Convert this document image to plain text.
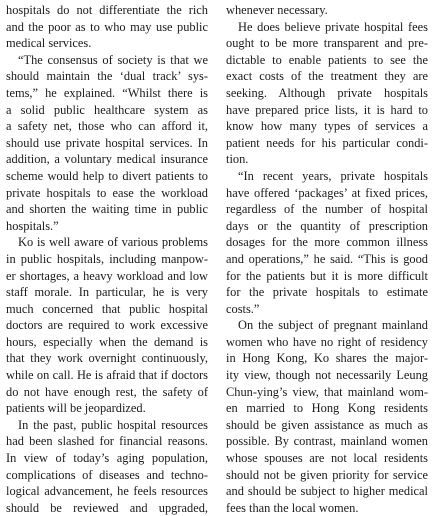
hospitals do not differentiate the rich
and the poor as to who may use public
medical services.
“The consensus of society is that we
should maintain the ‘dual track’ sys-
tems,” he explained. “Whilst there is
a solid public healthcare system as
a safety net, those who can afford it,
should use private hospital services. In
addition, a voluntary medical insurance
scheme would help to divert patients to
private hospitals to ease the workload
and shorten the waiting time in public
hospitals.”
Ko is well aware of various problems
in public hospitals, including manpow-
er shortages, a heavy workload and low
staff morale. In particular, he is very
much concerned that public hospital
doctors are required to work excessive
hours, especially when the demand is
that they work overnight continuously,
while on call. He is afraid that if doctors
do not have enough rest, the safety of
patients will be jeopardized.
In the past, public hospital resources
had been slashed for financial reasons.
In view of today’s aging population,
complications of diseases and techno-
logical advancement, he feels resources
should be reviewed and upgraded,
whenever necessary.
He does believe private hospital fees
ought to be more transparent and pre-
dictable to enable patients to see the
exact costs of the treatment they are
seeking. Although private hospitals
have prepared price lists, it is hard to
know how many types of services a
patient needs for his particular condi-
tion.
“In recent years, private hospitals
have offered ‘packages’ at fixed prices,
regardless of the number of hospital
days or the quantity of prescription
dosages for the more common illness
and operations,” he said. “This is good
for the patients but it is more difficult
for the private hospitals to estimate
costs.”
On the subject of pregnant mainland
women who have no right of residency
in Hong Kong, Ko shares the major-
ity view, though not necessarily Leung
Chun-ying’s view, that mainland wom-
en married to Hong Kong residents
should be given assistance as much as
possible. By contrast, mainland women
whose spouses are not local residents
should not be given priority for service
and should be subject to higher medical
fees than the local women.
